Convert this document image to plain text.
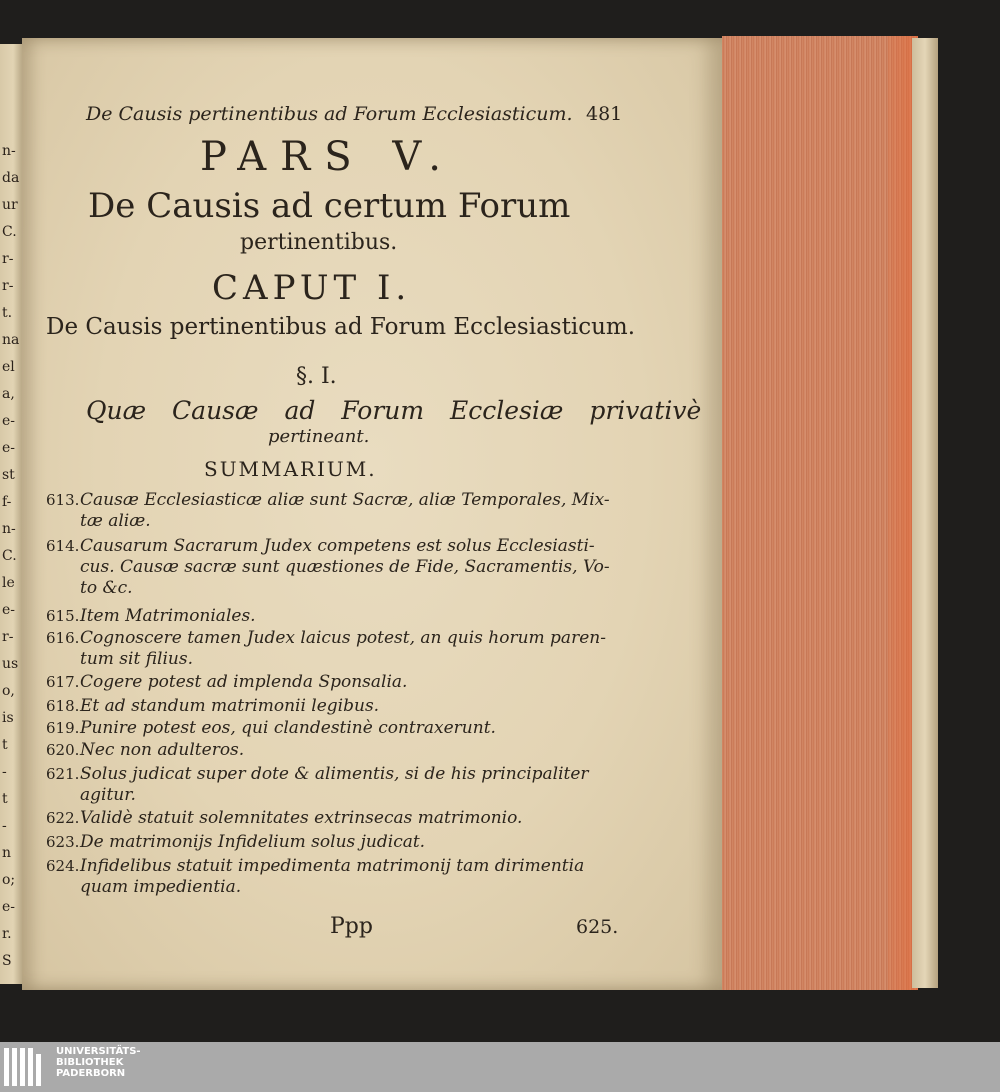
n-
da
ur
C.
r-
r-
t.
na
el
a,
e-
e-
st
f-
n-
C.
le
e-
r-
us
o,
is
t
-
t
-
n
o;
e-
r.
S
De Causis pertinentibus ad Forum Ecclesiasticum. 481
PARS V.
De Causis ad certum Forum
pertinentibus.
CAPUT I.
De Causis pertinentibus ad Forum Ecclesiasticum.
§. I.
Quæ Causæ ad Forum Ecclesiæ privativè
pertineant.
SUMMARIUM.
613.Causæ Ecclesiasticæ aliæ sunt Sacræ, aliæ Temporales, Mix-
tæ aliæ.
614.Causarum Sacrarum Judex competens est solus Ecclesiasti-
cus. Causæ sacræ sunt quæstiones de Fide, Sacramentis, Vo-
to &c.
615.Item Matrimoniales.
616.Cognoscere tamen Judex laicus potest, an quis horum paren-
tum sit filius.
617.Cogere potest ad implenda Sponsalia.
618.Et ad standum matrimonii legibus.
619.Punire potest eos, qui clandestinè contraxerunt.
620.Nec non adulteros.
621.Solus judicat super dote & alimentis, si de his principaliter
agitur.
622.Validè statuit solemnitates extrinsecas matrimonio.
623.De matrimonijs Infidelium solus judicat.
624.Infidelibus statuit impedimenta matrimonij tam dirimentia
quam impedientia.
Ppp	625.
UNIVERSITÄTS-
BIBLIOTHEK
PADERBORN
